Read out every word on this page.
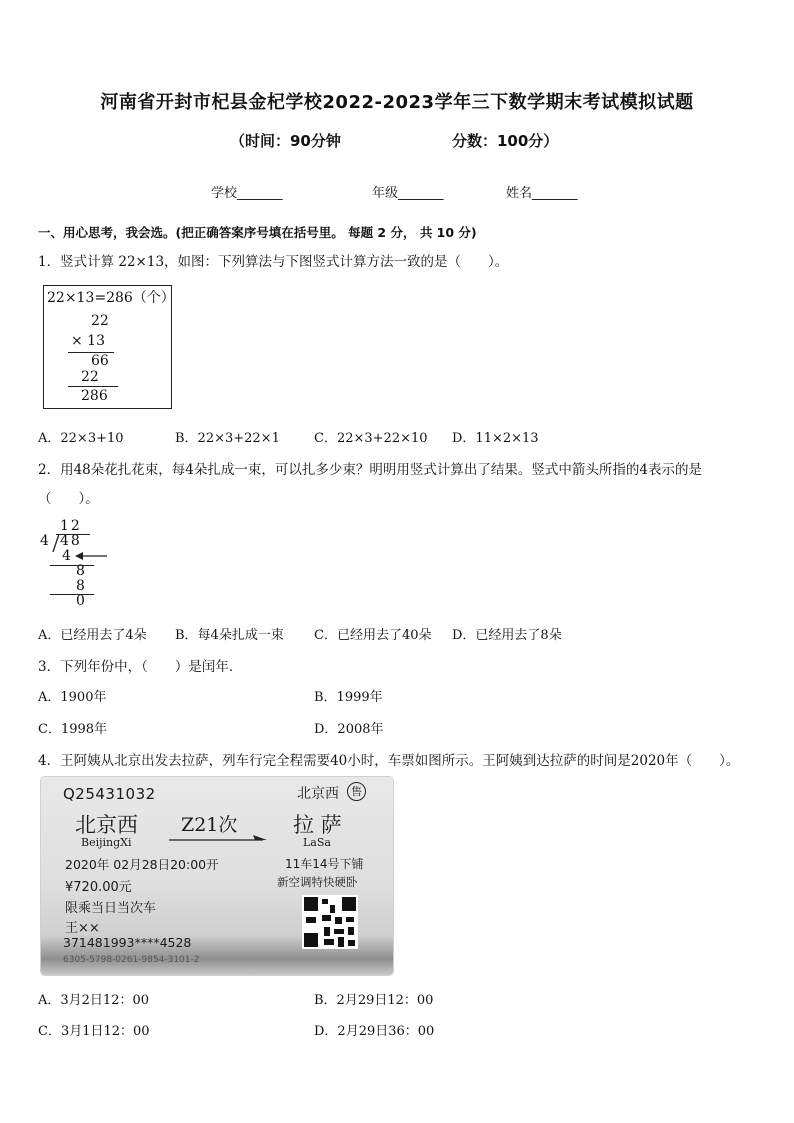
河南省开封市杞县金杞学校2022-2023学年三下数学期末考试模拟试题
（时间：90分钟	分数：100分）
学校_______	年级_______	姓名_______
一、用心思考，我会选。(把正确答案序号填在括号里。 每题 2 分， 共 10 分)
1．竖式计算 22×13，如图：下列算法与下图竖式计算方法一致的是（　　）。
22×13=286（个）
22
× 13
66
22
286
A．22×3+10	B．22×3+22×1	C．22×3+22×10 D．11×2×13
2．用48朵花扎花束，每4朵扎成一束，可以扎多少束？明明用竖式计算出了结果。竖式中箭头所指的4表示的是
（　　）。
12
4 48
4
8
8
0
A．已经用去了4朵 B．每4朵扎成一束 C．已经用去了40朵 D．已经用去了8朵
3．下列年份中，（　　）是闰年．
A．1900年	B．1999年
C．1998年	D．2008年
4．王阿姨从北京出发去拉萨，列车行完全程需要40小时，车票如图所示。王阿姨到达拉萨的时间是2020年（　　）。
Q25431032	北京西	售
北京西
BeijingXi
Z21次	拉 萨
LaSa
2020年 02月28日20:00开	11车14号下铺
¥720.00元	新空调特快硬卧
限乘当日当次车
王××
371481993****4528
6305-5798-0261-9854-3101-2
A．3月2日12：00	B．2月29日12：00
C．3月1日12：00	D．2月29日36：00
